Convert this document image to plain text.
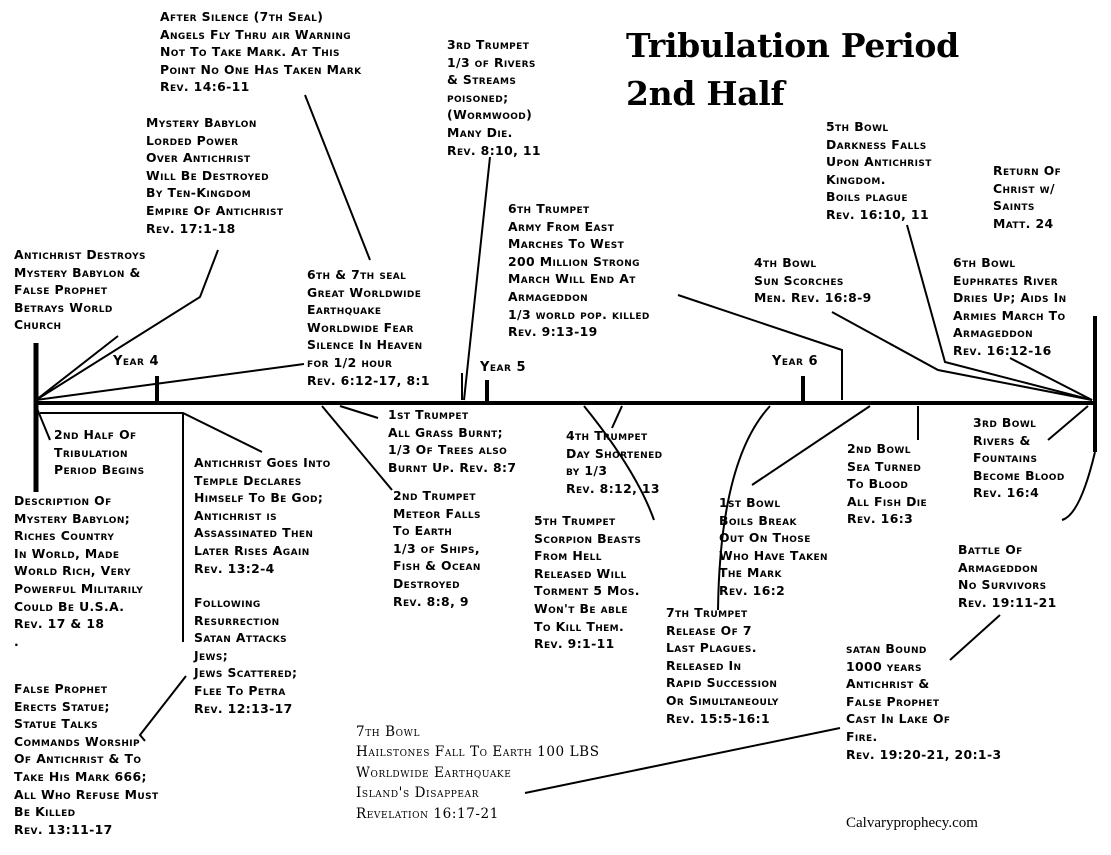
Tribulation Period
2nd Half
Year 4	Year 5	Year 6
After Silence (7th Seal)
Angels Fly Thru air Warning
Not To Take Mark. At This
Point No One Has Taken Mark
Rev. 14:6-11
3rd Trumpet
1/3 of Rivers
& Streams
poisoned;
(Wormwood)
Many Die.
Rev. 8:10, 11
Mystery Babylon
Lorded Power
Over Antichrist
Will Be Destroyed
By Ten-Kingdom
Empire Of Antichrist
Rev. 17:1-18
5th Bowl
Darkness Falls
Upon Antichrist
Kingdom.
Boils plague
Rev. 16:10, 11
Return Of
Christ w/
Saints
Matt. 24
6th Trumpet
Army From East
Marches To West
200 Million Strong
March Will End At
Armageddon
1/3 world pop. killed
Rev. 9:13-19
Antichrist Destroys
Mystery Babylon &
False Prophet
Betrays World
Church
6th & 7th seal
Great Worldwide
Earthquake
Worldwide Fear
Silence In Heaven
for 1/2 hour
Rev. 6:12-17, 8:1
4th Bowl
Sun Scorches
Men. Rev. 16:8-9
6th Bowl
Euphrates River
Dries Up; Aids In
Armies March To
Armageddon
Rev. 16:12-16
1st Trumpet
All Grass Burnt;
1/3 Of Trees also
Burnt Up. Rev. 8:7
2nd Half Of
Tribulation
Period Begins
4th Trumpet
Day Shortened
by 1/3
Rev. 8:12, 13
2nd Bowl
Sea Turned
To Blood
All Fish Die
Rev. 16:3
3rd Bowl
Rivers &
Fountains
Become Blood
Rev. 16:4
Antichrist Goes Into
Temple Declares
Himself To Be God;
Antichrist is
Assassinated Then
Later Rises Again
Rev. 13:2-4
2nd Trumpet
Meteor Falls
To Earth
1/3 of Ships,
Fish & Ocean
Destroyed
Rev. 8:8, 9
Description Of
Mystery Babylon;
Riches Country
In World, Made
World Rich, Very
Powerful Militarily
Could Be U.S.A.
Rev. 17 & 18
.
5th Trumpet
Scorpion Beasts
From Hell
Released Will
Torment 5 Mos.
Won't Be able
To Kill Them.
Rev. 9:1-11
1st Bowl
Boils Break
Out On Those
Who Have Taken
The Mark
Rev. 16:2
Battle Of
Armageddon
No Survivors
Rev. 19:11-21
Following
Resurrection
Satan Attacks
Jews;
Jews Scattered;
Flee To Petra
Rev. 12:13-17
7th Trumpet
Release Of 7
Last Plagues.
Released In
Rapid Succession
Or Simultaneouly
Rev. 15:5-16:1
satan Bound
1000 years
Antichrist &
False Prophet
Cast In Lake Of
Fire.
Rev. 19:20-21, 20:1-3
False Prophet
Erects Statue;
Statue Talks
Commands Worship
Of Antichrist & To
Take His Mark 666;
All Who Refuse Must
Be Killed
Rev. 13:11-17
7th Bowl
Hailstones Fall To Earth 100 LBS
Worldwide Earthquake
Island's Disappear
Revelation 16:17-21
Calvaryprophecy.com
